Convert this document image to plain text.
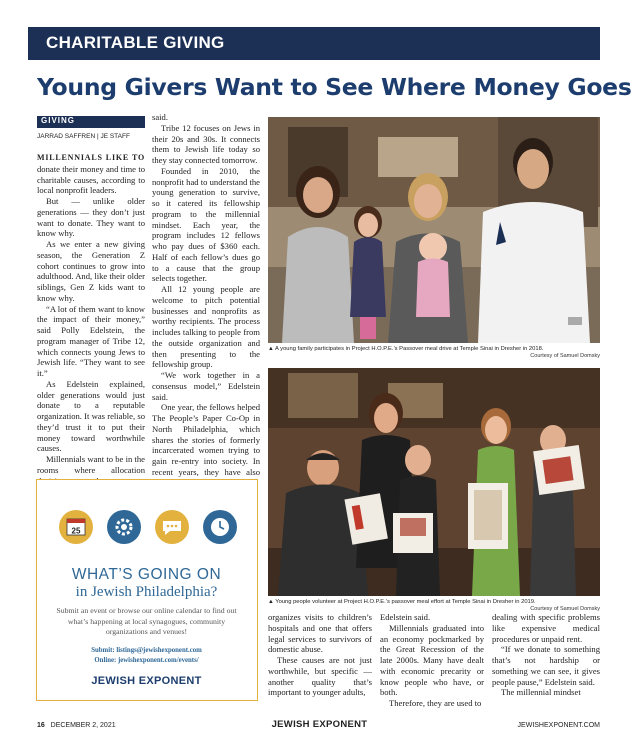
CHARITABLE GIVING
Young Givers Want to See Where Money Goes
GIVING
JARRAD SAFFREN | JE STAFF

MILLENNIALS LIKE TO donate their money and time to charitable causes, according to local nonprofit leaders.

But — unlike older generations — they don’t just want to donate. They want to know why.

As we enter a new giving season, the Generation Z cohort continues to grow into adulthood. And, like their older siblings, Gen Z kids want to know why.

“A lot of them want to know the impact of their money,” said Polly Edelstein, the program manager of Tribe 12, which connects young Jews to Jewish life. “They want to see it.”

As Edelstein explained, older generations would just donate to a reputable organization. It was reliable, so they’d trust it to put their money toward worthwhile causes.

Millennials want to be in the rooms where allocation

said.

Tribe 12 focuses on Jews in their 20s and 30s. It connects them to Jewish life today so they stay connected tomorrow.

Founded in 2010, the nonprofit had to understand the young generation to survive, so it catered its fellowship program to the millennial mindset. Each year, the program includes 12 fellows who pay dues of $360 each. Half of each fellow’s dues go to a cause that the group selects together.

All 12 young people are welcome to pitch potential businesses and nonprofits as worthy recipients. The process includes talking to people from the outside organization and then presenting to the fellowship group.

“We work together in a consensus model,” Edelstein said.

One year, the fellows helped The People’s Paper Co-Op in North Philadelphia, which shares the stories of formerly incarcerated women trying to gain re-entry into society. In recent years, they have also

▲ A young family participates in Project H.O.P.E.’s Passover meal drive at Temple Sinai in Dresher in 2018.
Courtesy of Samuel Domsky
▲ Young people volunteer at Project H.O.P.E.’s passover meal effort at Temple Sinai in Dresher in 2019.
Courtesy of Samuel Domsky

organizes visits to children’s hospitals and one that offers legal services to survivors of domestic abuse.

These causes are not just worthwhile, but specific — another quality that’s important to younger adults,

Edelstein said.

Millennials graduated into an economy pockmarked by the Great Recession of the late 2000s. Many have dealt with economic precarity or know people who have, or both.

Therefore, they are used to

dealing with specific problems like expensive medical procedures or unpaid rent.

“If we donate to something that’s not hardship or something we can see, it gives people pause,” Edelstein said.

The millennial mindset

25
WHAT’S GOING ON
in Jewish Philadelphia?
Submit an event or browse our online calendar to find out what’s happening at local synagogues, community organizations and venues!
Submit: listings@jewishexponent.com
Online: jewishexponent.com/events/
JEWISH EXPONENT
16 DECEMBER 2, 2021	JEWISH EXPONENT	JEWISHEXPONENT.COM
